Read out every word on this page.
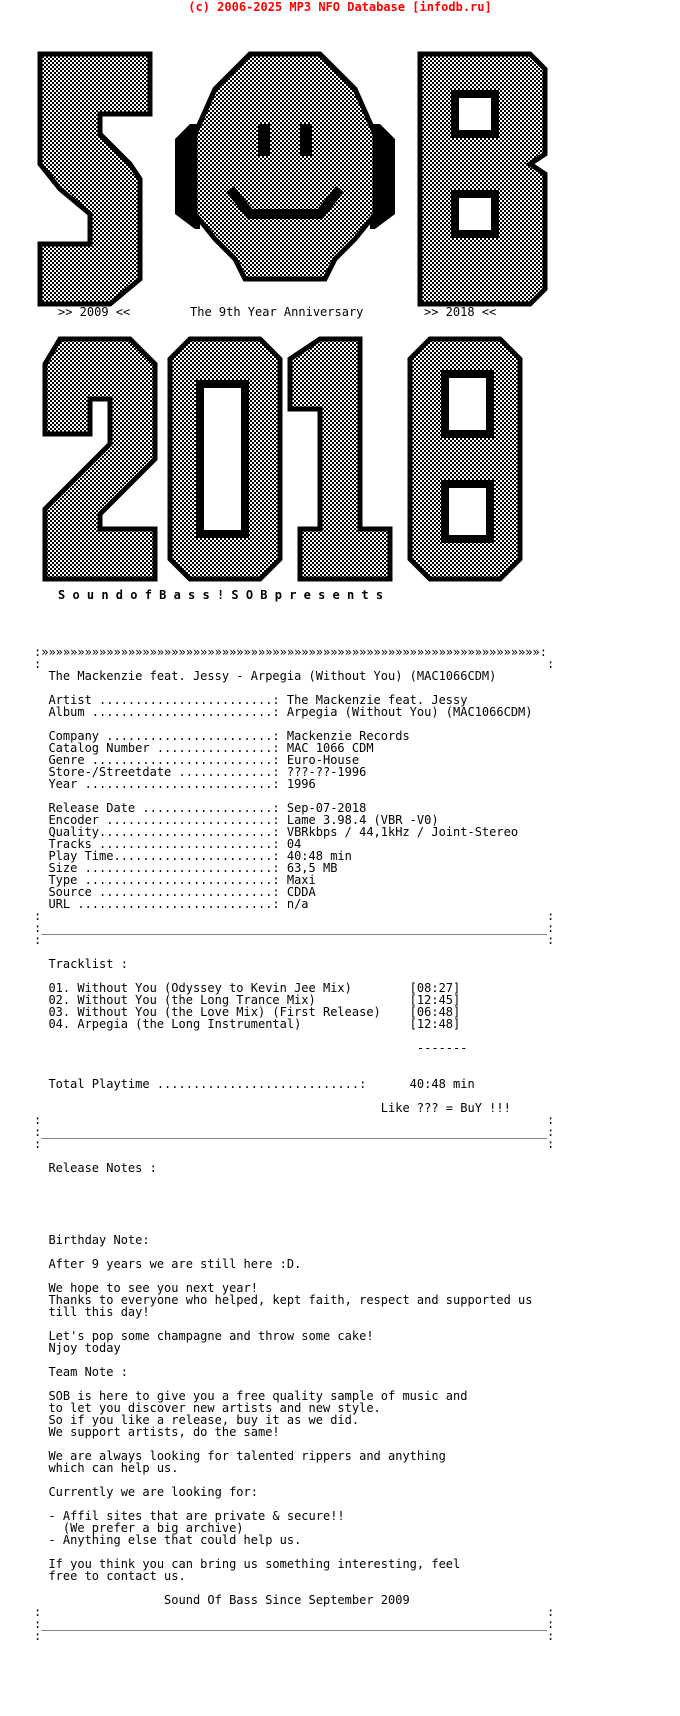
(c) 2006-2025 MP3 NFO Database [infodb.ru]
>> 2009 <<	The 9th Year Anniversary	>> 2018 <<
S o u n d o f B a s s ! S O B p r e s e n t s
:»»»»»»»»»»»»»»»»»»»»»»»»»»»»»»»»»»»»»»»»»»»»»»»»»»»»»»»»»»»»»»»»»»»»»:
:                                                                      :
The Mackenzie feat. Jessy - Arpegia (Without You) (MAC1066CDM)
Artist ........................: The Mackenzie feat. Jessy
Album .........................: Arpegia (Without You) (MAC1066CDM)
Company .......................: Mackenzie Records
Catalog Number ................: MAC 1066 CDM
Genre .........................: Euro-House
Store-/Streetdate .............: ???-??-1996
Year ..........................: 1996
Release Date ..................: Sep-07-2018
Encoder .......................: Lame 3.98.4 (VBR -V0)
Quality........................: VBRkbps / 44,1kHz / Joint-Stereo
Tracks ........................: 04
Play Time......................: 40:48 min
Size ..........................: 63,5 MB
Type ..........................: Maxi
Source ........................: CDDA
URL ...........................: n/a
:                                                                      :
:______________________________________________________________________:
:                                                                      :
Tracklist :
01. Without You (Odyssey to Kevin Jee Mix)        [08:27]
02. Without You (the Long Trance Mix)             [12:45]
03. Without You (the Love Mix) (First Release)    [06:48]
04. Arpegia (the Long Instrumental)               [12:48]
-------
Total Playtime ............................:      40:48 min
Like ??? = BuY !!!
:                                                                      :
:______________________________________________________________________:
:                                                                      :
Release Notes :
Birthday Note:
After 9 years we are still here :D.
We hope to see you next year!
Thanks to everyone who helped, kept faith, respect and supported us
till this day!
Let's pop some champagne and throw some cake!
Njoy today
Team Note :
SOB is here to give you a free quality sample of music and
to let you discover new artists and new style.
So if you like a release, buy it as we did.
We support artists, do the same!
We are always looking for talented rippers and anything
which can help us.
Currently we are looking for:
- Affil sites that are private & secure!!
(We prefer a big archive)
- Anything else that could help us.
If you think you can bring us something interesting, feel
free to contact us.
Sound Of Bass Since September 2009
:                                                                      :
:______________________________________________________________________:
:                                                                      :
